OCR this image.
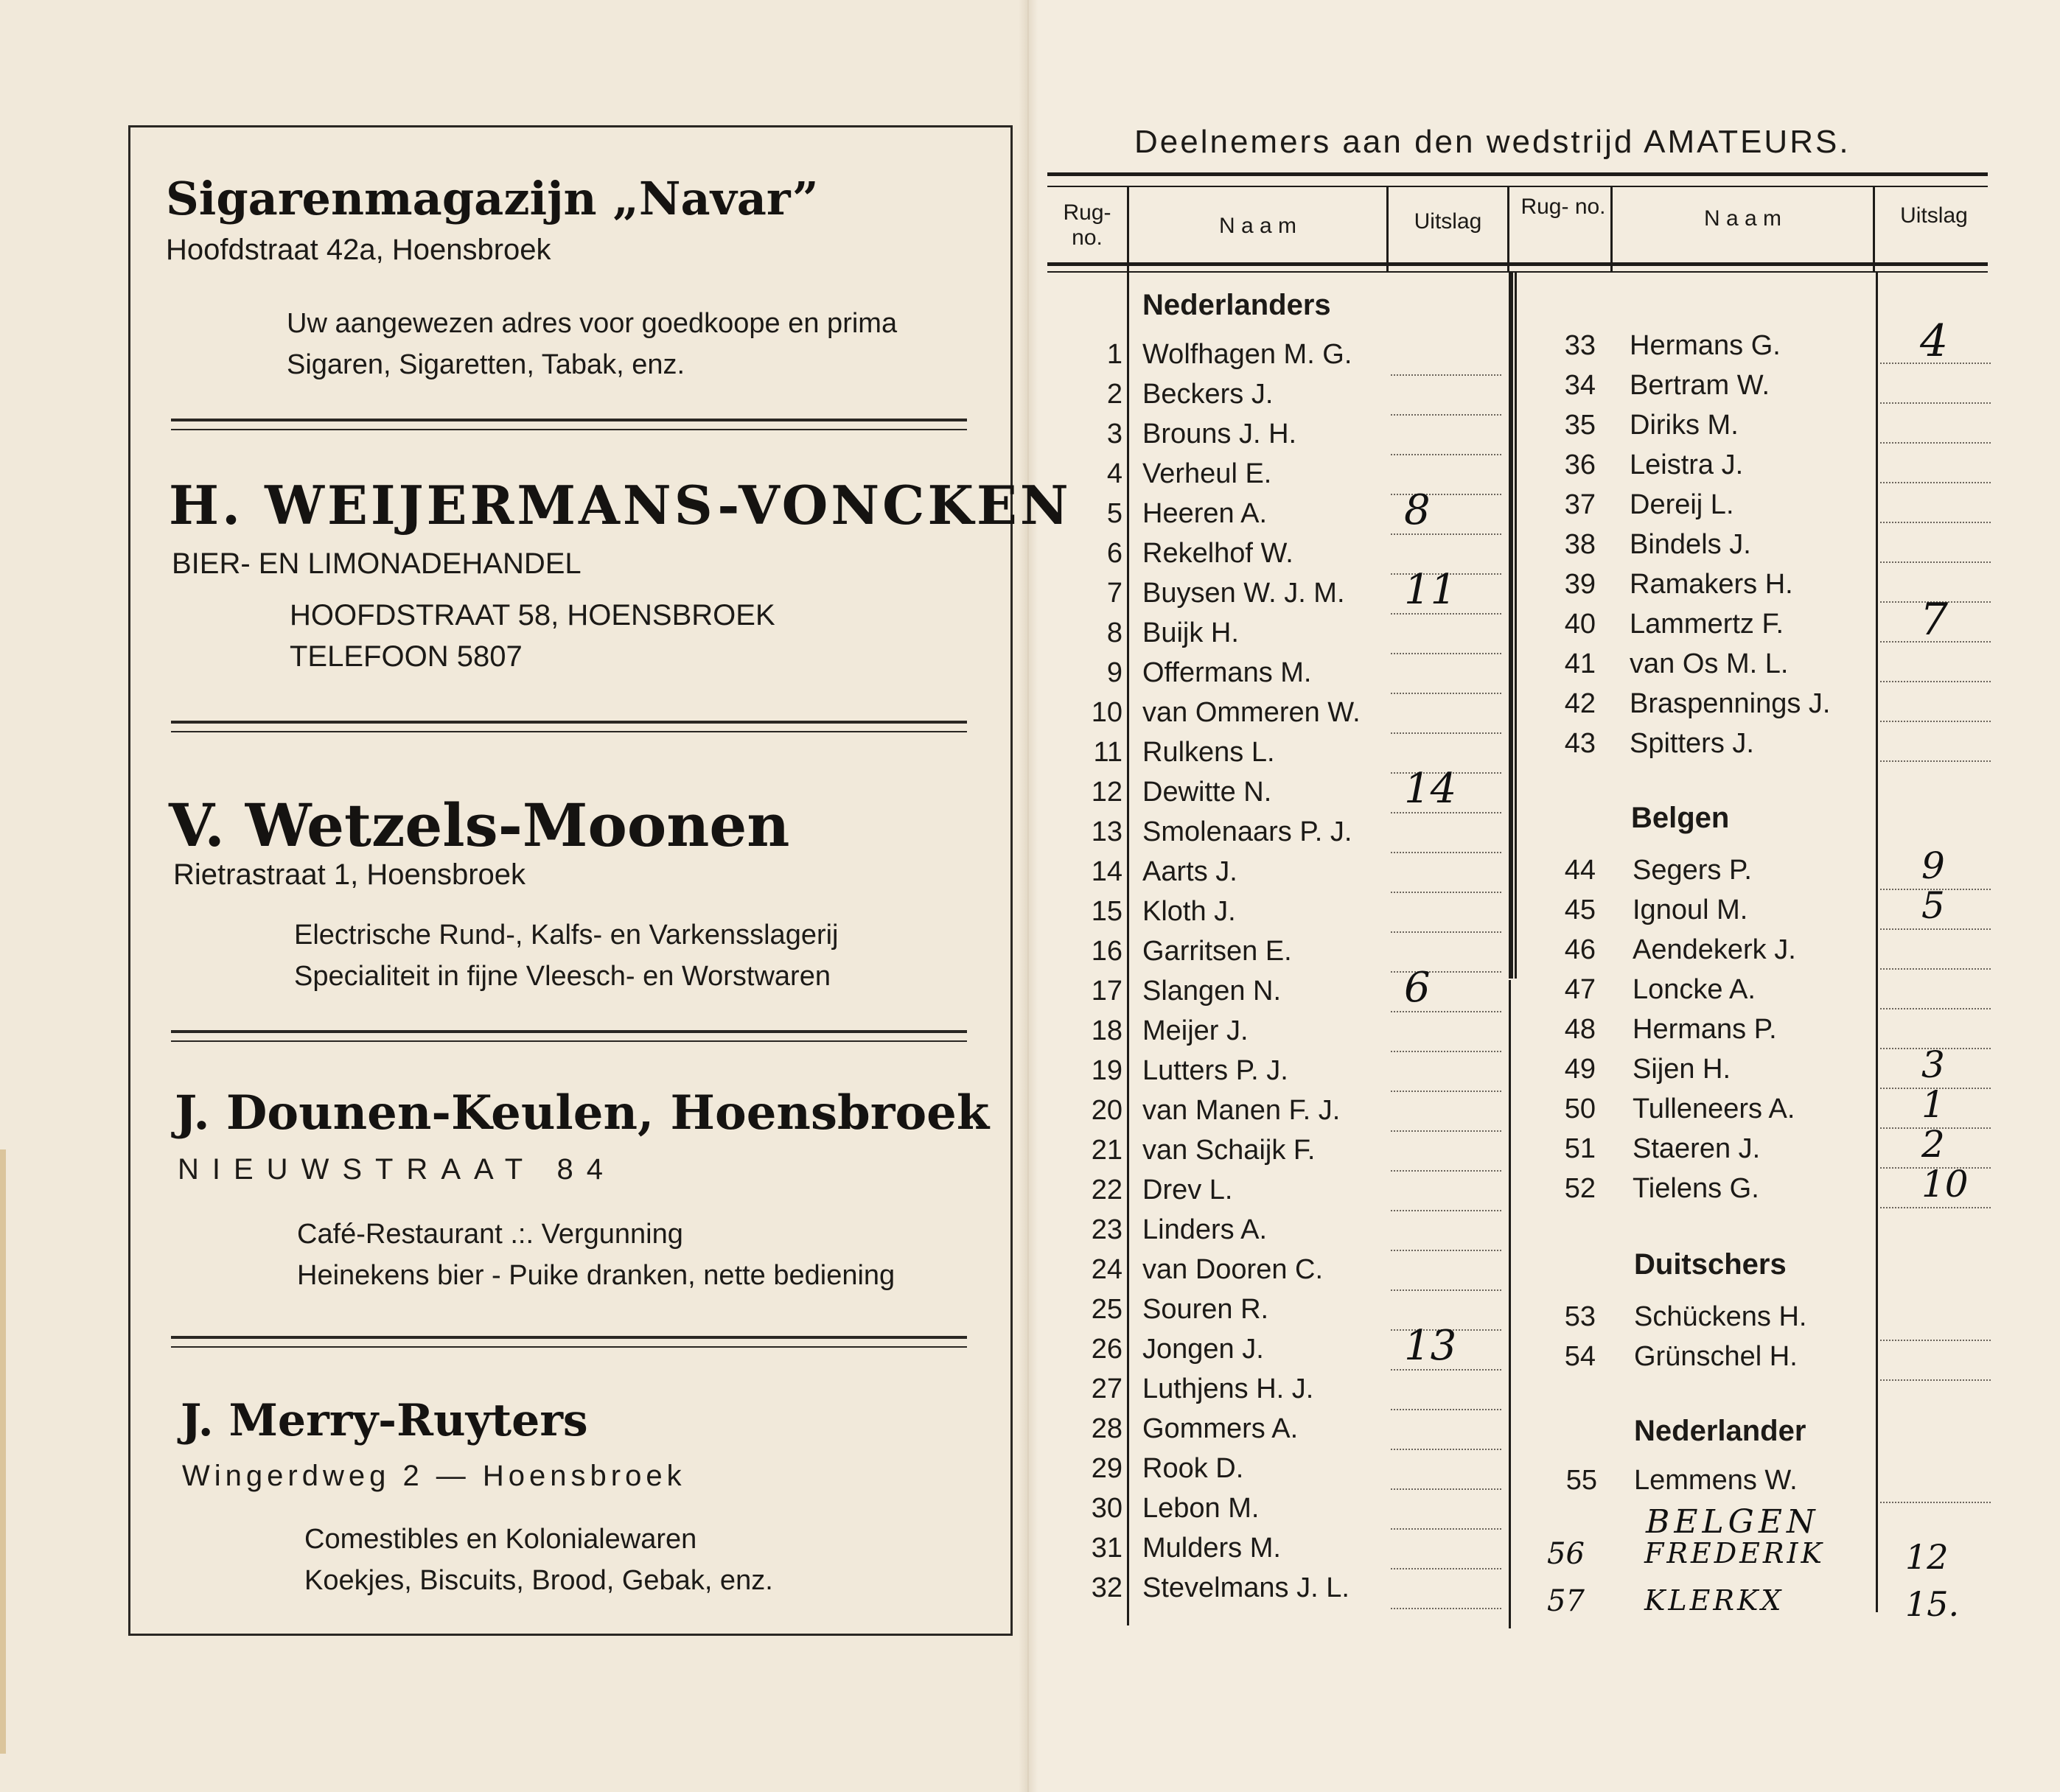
Sigarenmagazijn „Navar”
Hoofdstraat 42a, Hoensbroek
Uw aangewezen adres voor goedkoope en prima
Sigaren, Sigaretten, Tabak, enz.
H. WEIJERMANS-VONCKEN
BIER- EN LIMONADEHANDEL
HOOFDSTRAAT 58, HOENSBROEK
TELEFOON 5807
V. Wetzels-Moonen
Rietrastraat 1, Hoensbroek
Electrische Rund-, Kalfs- en Varkensslagerij
Specialiteit in fijne Vleesch- en Worstwaren
J. Dounen-Keulen, Hoensbroek
NIEUWSTRAAT 84
Café-Restaurant .:. Vergunning
Heinekens bier - Puike dranken, nette bediening
J. Merry-Ruyters
Wingerdweg 2 — Hoensbroek
Comestibles en Kolonialewaren
Koekjes, Biscuits, Brood, Gebak, enz.
Deelnemers aan den wedstrijd AMATEURS.
Rug- no.	N a a m	Uitslag
Rug- no.	N a a m	Uitslag
Nederlanders
Belgen
Duitschers
Nederlander
BELGEN
1 Wolfhagen M. G.
2 Beckers J.
3 Brouns J. H.
4 Verheul E.
5 Heeren A.	8
6 Rekelhof W.
7 Buysen W. J. M. 11
8 Buijk H.
9 Offermans M.
10 van Ommeren W.
11 Rulkens L.
12 Dewitte N.	14
13 Smolenaars P. J.
14 Aarts J.
15 Kloth J.
16 Garritsen E.
17 Slangen N.	6
18 Meijer J.
19 Lutters P. J.
20 van Manen F. J.
21 van Schaijk F.
22 Drev L.
23 Linders A.
24 van Dooren C.
25 Souren R.
26 Jongen J.	13
27 Luthjens H. J.
28 Gommers A.
29 Rook D.
30 Lebon M.
31 Mulders M.
32 Stevelmans J. L.
33 Hermans G.	4
34 Bertram W.
35 Diriks M.
36 Leistra J.
37 Dereij L.
38 Bindels J.
39 Ramakers H.
40 Lammertz F.	7
41 van Os M. L.
42 Braspennings J.
43 Spitters J.
44 Segers P.	9
45 Ignoul M.	5
46 Aendekerk J.
47 Loncke A.
48 Hermans P.
49 Sijen H.	3
50 Tulleneers A.	1
51 Staeren J.	2
52 Tielens G.	10
53 Schückens H.
54 Grünschel H.
55 Lemmens W.
56 FREDERIK 12
57 KLERKX	15.
